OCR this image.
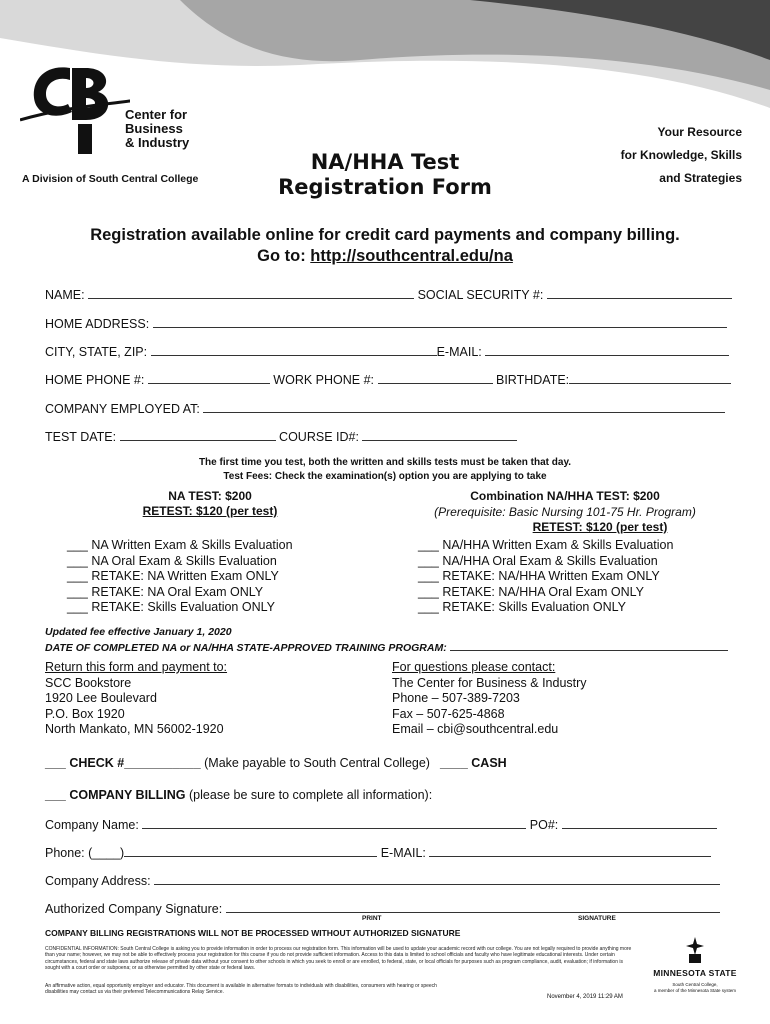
Center for
Business
& Industry
A Division of South Central College
NA/HHA Test
Registration Form
Your Resource
for Knowledge, Skills
and Strategies
Registration available online for credit card payments and company billing.
Go to: http://southcentral.edu/na
NAME:	SOCIAL SECURITY #:
HOME ADDRESS:
CITY, STATE, ZIP:	E-MAIL:
HOME PHONE #:	WORK PHONE #:	BIRTHDATE:
COMPANY EMPLOYED AT:
TEST DATE:	COURSE ID#:
The first time you test, both the written and skills tests must be taken that day.
Test Fees: Check the examination(s) option you are applying to take
NA TEST: $200
RETEST: $120 (per test)
___ NA Written Exam & Skills Evaluation
___ NA Oral Exam & Skills Evaluation
___ RETAKE: NA Written Exam ONLY
___ RETAKE: NA Oral Exam ONLY
___ RETAKE: Skills Evaluation ONLY
Combination NA/HHA TEST: $200
(Prerequisite: Basic Nursing 101-75 Hr. Program)
RETEST: $120 (per test)
___ NA/HHA Written Exam & Skills Evaluation
___ NA/HHA Oral Exam & Skills Evaluation
___ RETAKE: NA/HHA Written Exam ONLY
___ RETAKE: NA/HHA Oral Exam ONLY
___ RETAKE: Skills Evaluation ONLY
Updated fee effective January 1, 2020
DATE OF COMPLETED NA or NA/HHA STATE-APPROVED TRAINING PROGRAM:
Return this form and payment to:
SCC Bookstore
1920 Lee Boulevard
P.O. Box 1920
North Mankato, MN 56002-1920
For questions please contact:
The Center for Business & Industry
Phone – 507-389-7203
Fax – 507-625-4868
Email – cbi@southcentral.edu
___ CHECK #___________ (Make payable to South Central College) ____ CASH
___ COMPANY BILLING (please be sure to complete all information):
Company Name:	PO#:
Phone: (____)	E-MAIL:
Company Address:
Authorized Company Signature:
PRINT	SIGNATURE
COMPANY BILLING REGISTRATIONS WILL NOT BE PROCESSED WITHOUT AUTHORIZED SIGNATURE
CONFIDENTIAL INFORMATION: South Central College is asking you to provide information in order to process our registration form. This information will be used to update your academic record with our college. You are not legally required to provide anything more than your name; however, we may not be able to effectively process your registration for this course if you do not provide sufficient information. Access to this data is limited to school officials and faculty who have legitimate educational interests. Under certain circumstances, federal and state laws authorize release of private data without your consent to other schools in which you seek to enroll or are enrolled, to federal, state, or local officials for purposes such as program compliance, audit, evaluation; if information is sought with a court order or subpoena; or as otherwise permitted by other state or federal laws.
An affirmative action, equal opportunity employer and educator. This document is available in alternative formats to individuals with disabilities, consumers with hearing or speech disabilities may contact us via their preferred Telecommunications Relay Service.
November 4, 2019 11:29 AM
MINNESOTA STATE
South Central College,
a member of the Minnesota State system
